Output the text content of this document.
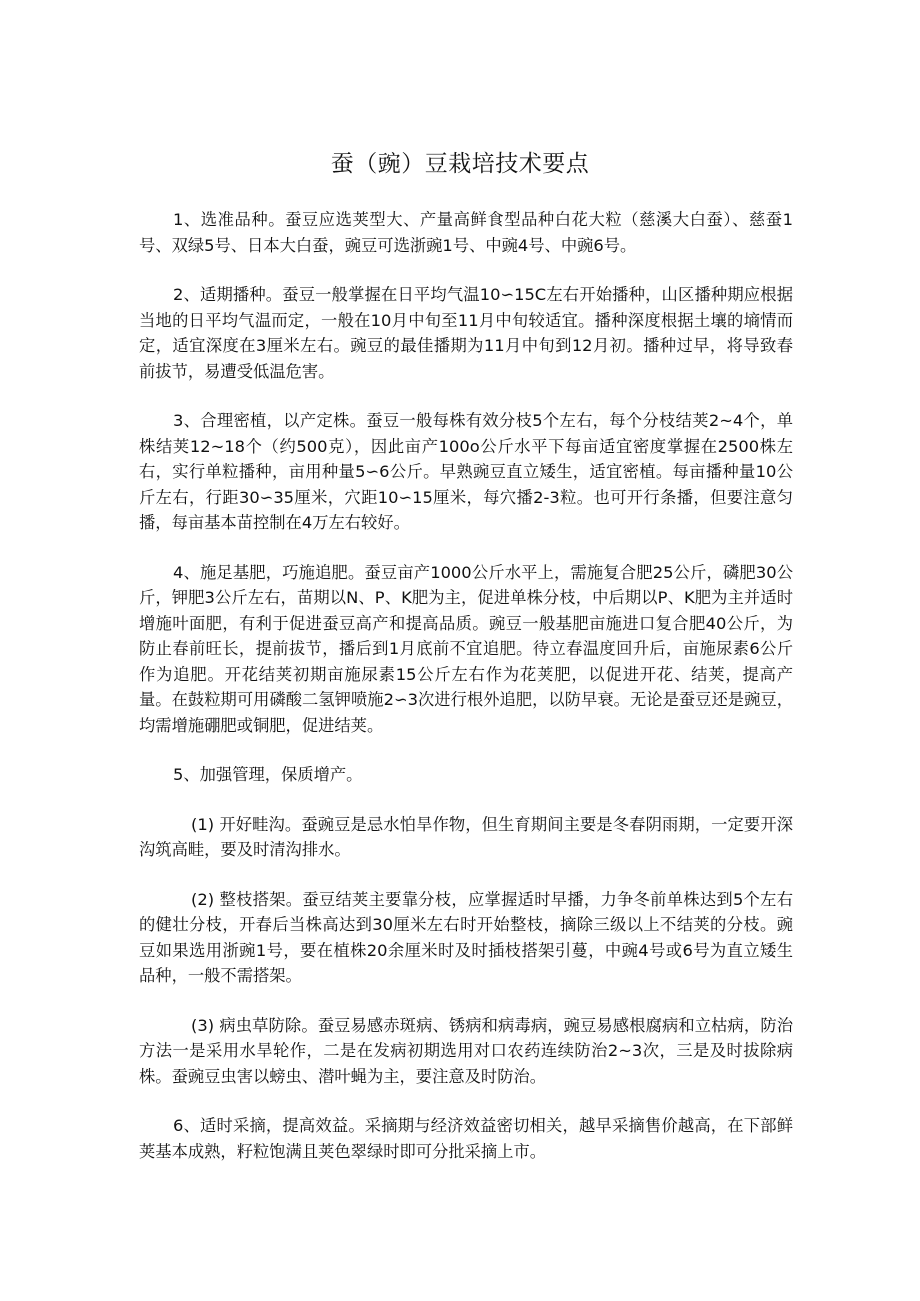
蚕（豌）豆栽培技术要点

1、选准品种。蚕豆应选荚型大、产量高鲜食型品种白花大粒（慈溪大白蚕）、慈蚕1号、双绿5号、日本大白蚕，豌豆可选浙豌1号、中豌4号、中豌6号。

2、适期播种。蚕豆一般掌握在日平均气温10∽15C左右开始播种，山区播种期应根据当地的日平均气温而定，一般在10月中旬至11月中旬较适宜。播种深度根据土壤的墒情而定，适宜深度在3厘米左右。豌豆的最佳播期为11月中旬到12月初。播种过早，将导致春前拔节，易遭受低温危害。

3、合理密植，以产定株。蚕豆一般每株有效分枝5个左右，每个分枝结荚2~4个，单株结荚12~18个（约500克），因此亩产100o公斤水平下每亩适宜密度掌握在2500株左右，实行单粒播种，亩用种量5∽6公斤。早熟豌豆直立矮生，适宜密植。每亩播种量10公斤左右，行距30∽35厘米，穴距10∽15厘米，每穴播2-3粒。也可开行条播，但要注意匀播，每亩基本苗控制在4万左右较好。

4、施足基肥，巧施追肥。蚕豆亩产1000公斤水平上，需施复合肥25公斤，磷肥30公斤，钾肥3公斤左右，苗期以N、P、K肥为主，促进单株分枝，中后期以P、K肥为主并适时增施叶面肥，有利于促进蚕豆高产和提高品质。豌豆一般基肥亩施进口复合肥40公斤，为防止春前旺长，提前拔节，播后到1月底前不宜追肥。待立春温度回升后，亩施尿素6公斤作为追肥。开花结荚初期亩施尿素15公斤左右作为花荚肥，以促进开花、结荚，提高产量。在鼓粒期可用磷酸二氢钾喷施2∽3次进行根外追肥，以防早衰。无论是蚕豆还是豌豆，均需增施硼肥或铜肥，促进结荚。

5、加强管理，保质增产。

(1) 开好畦沟。蚕豌豆是忌水怕旱作物，但生育期间主要是冬春阴雨期，一定要开深沟筑高畦，要及时清沟排水。

(2) 整枝搭架。蚕豆结荚主要靠分枝，应掌握适时早播，力争冬前单株达到5个左右的健壮分枝，开春后当株高达到30厘米左右时开始整枝，摘除三级以上不结荚的分枝。豌豆如果选用浙豌1号，要在植株20余厘米时及时插枝搭架引蔓，中豌4号或6号为直立矮生品种，一般不需搭架。

(3) 病虫草防除。蚕豆易感赤斑病、锈病和病毒病，豌豆易感根腐病和立枯病，防治方法一是采用水旱轮作，二是在发病初期选用对口农药连续防治2~3次，三是及时拔除病株。蚕豌豆虫害以螃虫、潜叶蝇为主，要注意及时防治。

6、适时采摘，提高效益。采摘期与经济效益密切相关，越早采摘售价越高，在下部鲜荚基本成熟，籽粒饱满且荚色翠绿时即可分批采摘上市。
